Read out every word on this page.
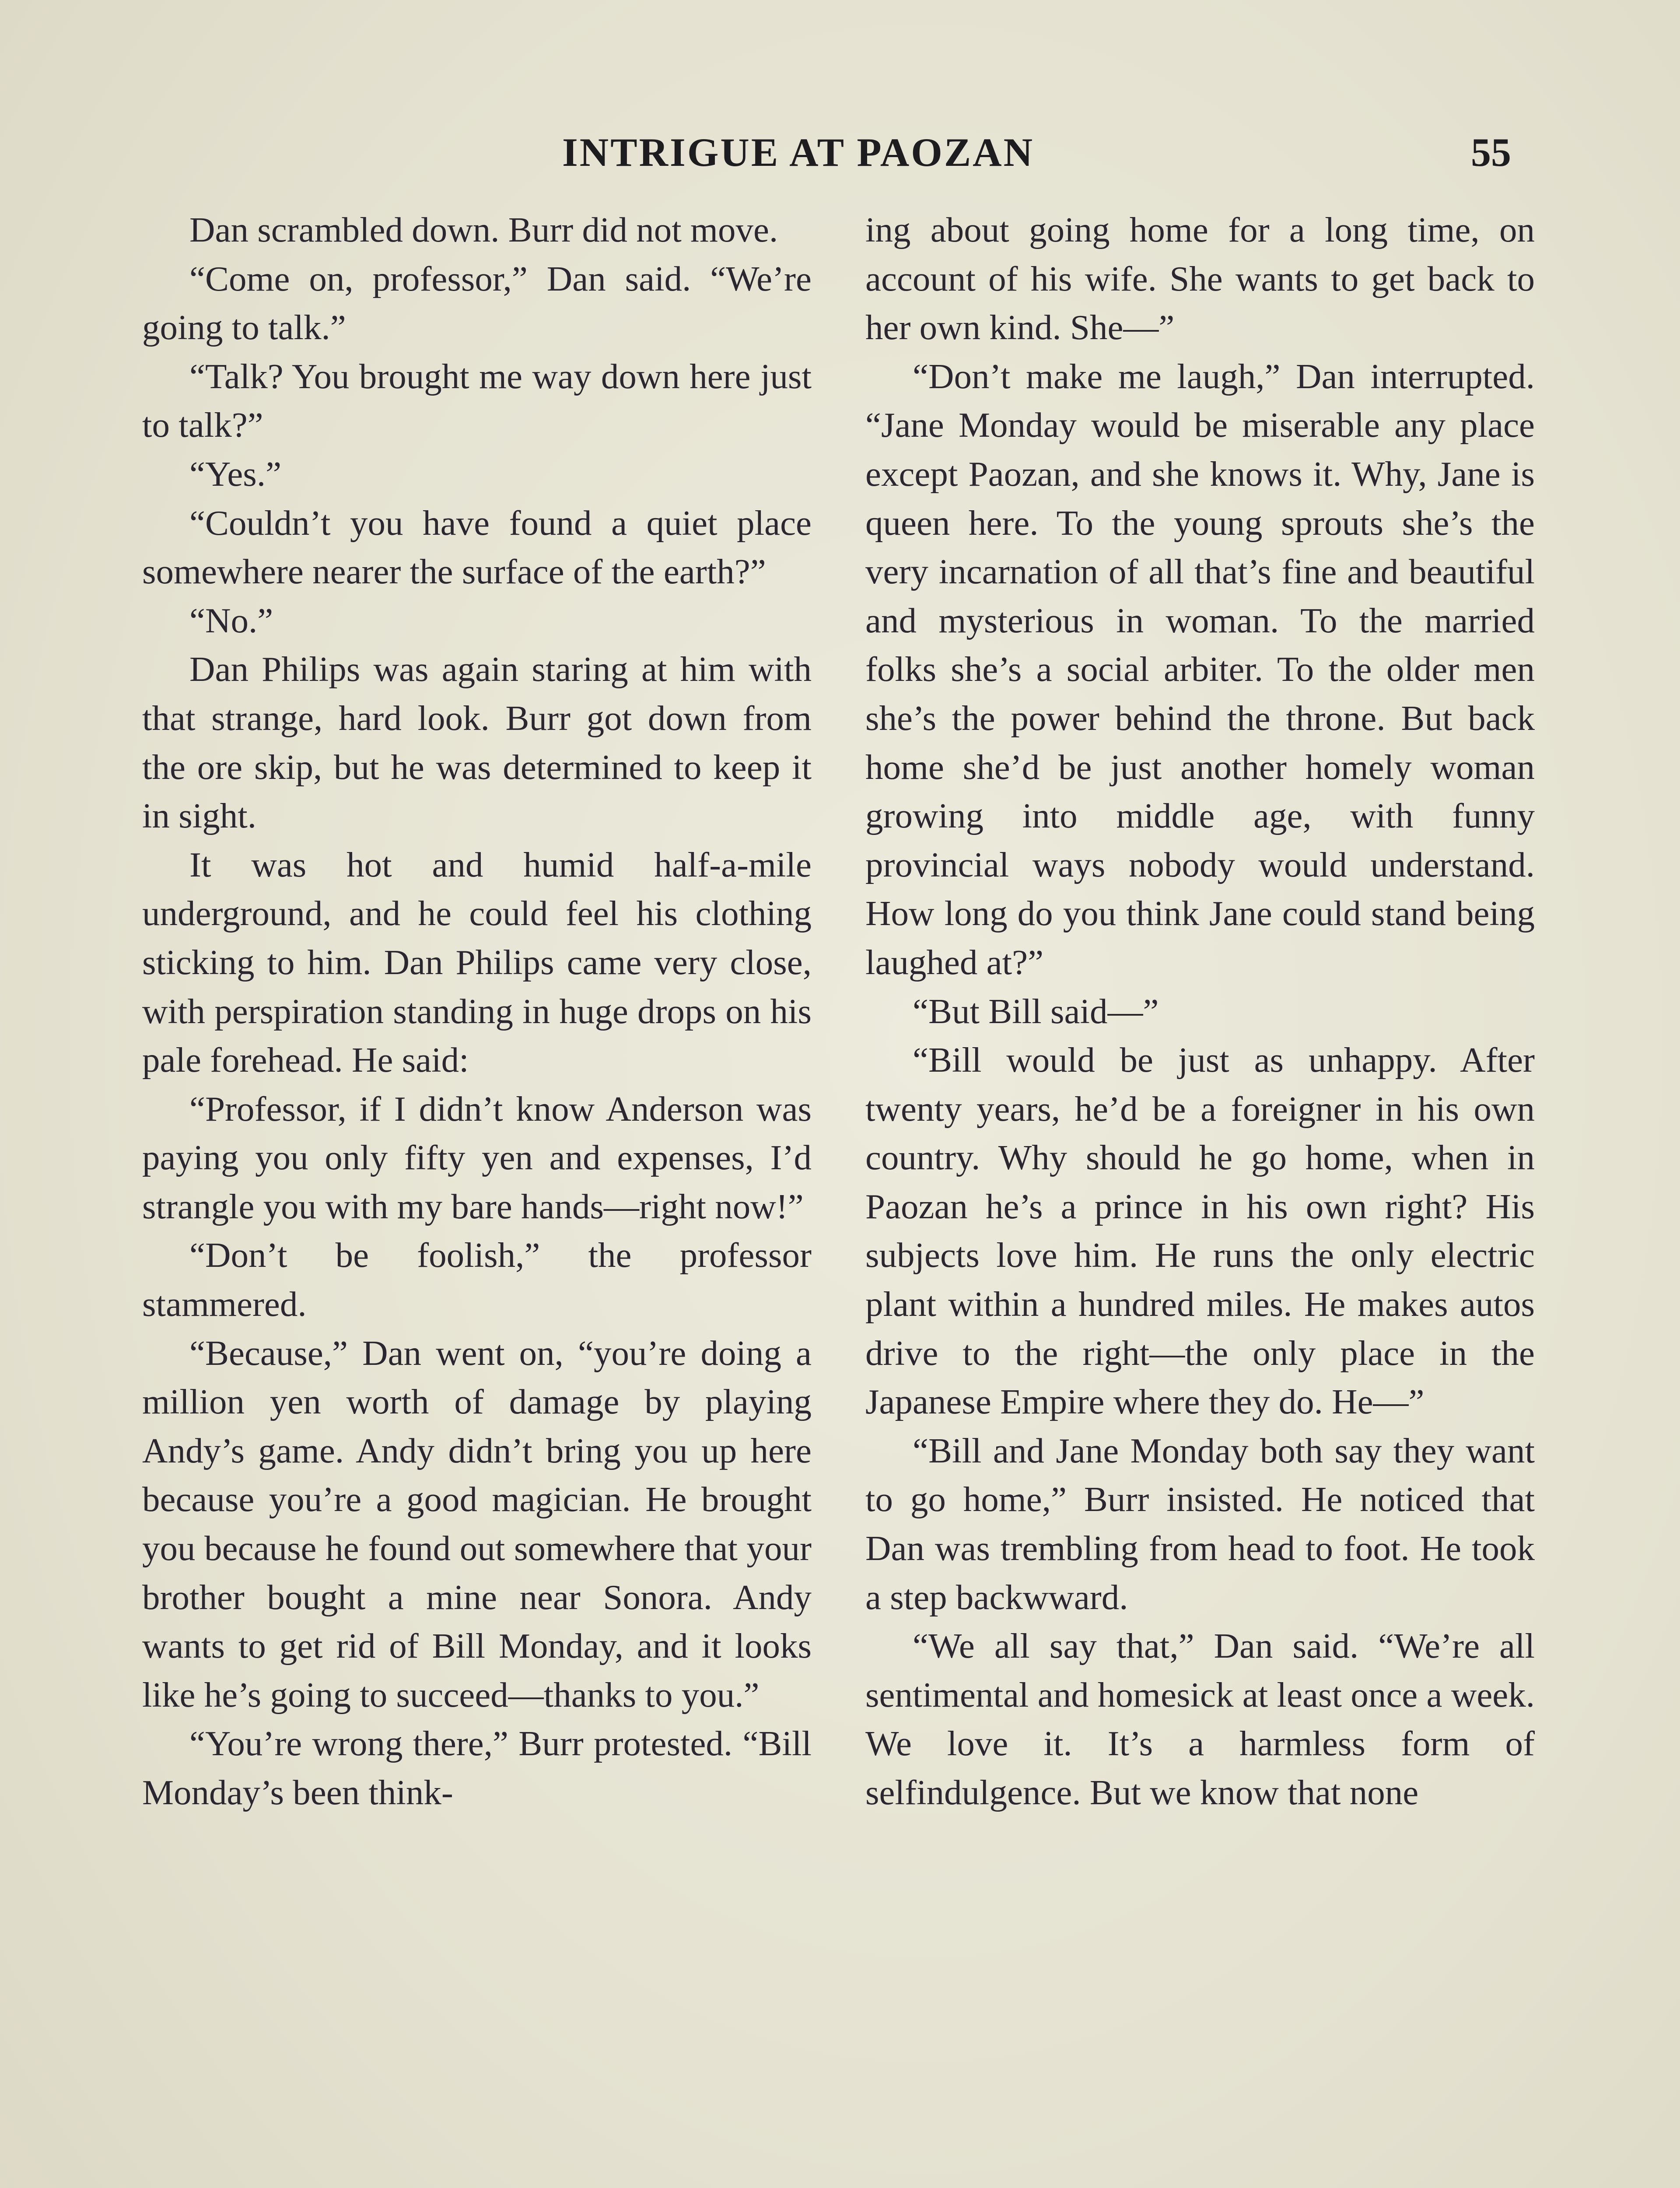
INTRIGUE AT PAOZAN	55

Dan scrambled down. Burr did not move.

“Come on, professor,” Dan said. “We’re going to talk.”

“Talk? You brought me way down here just to talk?”

“Yes.”

“Couldn’t you have found a quiet place somewhere nearer the surface of the earth?”

“No.”

Dan Philips was again staring at him with that strange, hard look. Burr got down from the ore skip, but he was determined to keep it in sight.

It was hot and humid half-a-mile underground, and he could feel his clothing sticking to him. Dan Philips came very close, with perspiration standing in huge drops on his pale forehead. He said:

“Professor, if I didn’t know Anderson was paying you only fifty yen and expenses, I’d strangle you with my bare hands—right now!”

“Don’t be foolish,” the professor stammered.

“Because,” Dan went on, “you’re doing a million yen worth of damage by playing Andy’s game. Andy didn’t bring you up here because you’re a good magician. He brought you because he found out somewhere that your brother bought a mine near Sonora. Andy wants to get rid of Bill Monday, and it looks like he’s going to succeed—thanks to you.”

“You’re wrong there,” Burr protested. “Bill Monday’s been think-

ing about going home for a long time, on account of his wife. She wants to get back to her own kind. She—”

“Don’t make me laugh,” Dan interrupted. “Jane Monday would be miserable any place except Paozan, and she knows it. Why, Jane is queen here. To the young sprouts she’s the very incarnation of all that’s fine and beautiful and mysterious in woman. To the married folks she’s a social arbiter. To the older men she’s the power behind the throne. But back home she’d be just another homely woman growing into middle age, with funny provincial ways nobody would understand. How long do you think Jane could stand being laughed at?”

“But Bill said—”

“Bill would be just as unhappy. After twenty years, he’d be a foreigner in his own country. Why should he go home, when in Paozan he’s a prince in his own right? His subjects love him. He runs the only electric plant within a hundred miles. He makes autos drive to the right—the only place in the Japanese Empire where they do. He—”

“Bill and Jane Monday both say they want to go home,” Burr insisted. He noticed that Dan was trembling from head to foot. He took a step backwward.

“We all say that,” Dan said. “We’re all sentimental and homesick at least once a week. We love it. It’s a harmless form of selfindulgence. But we know that none
